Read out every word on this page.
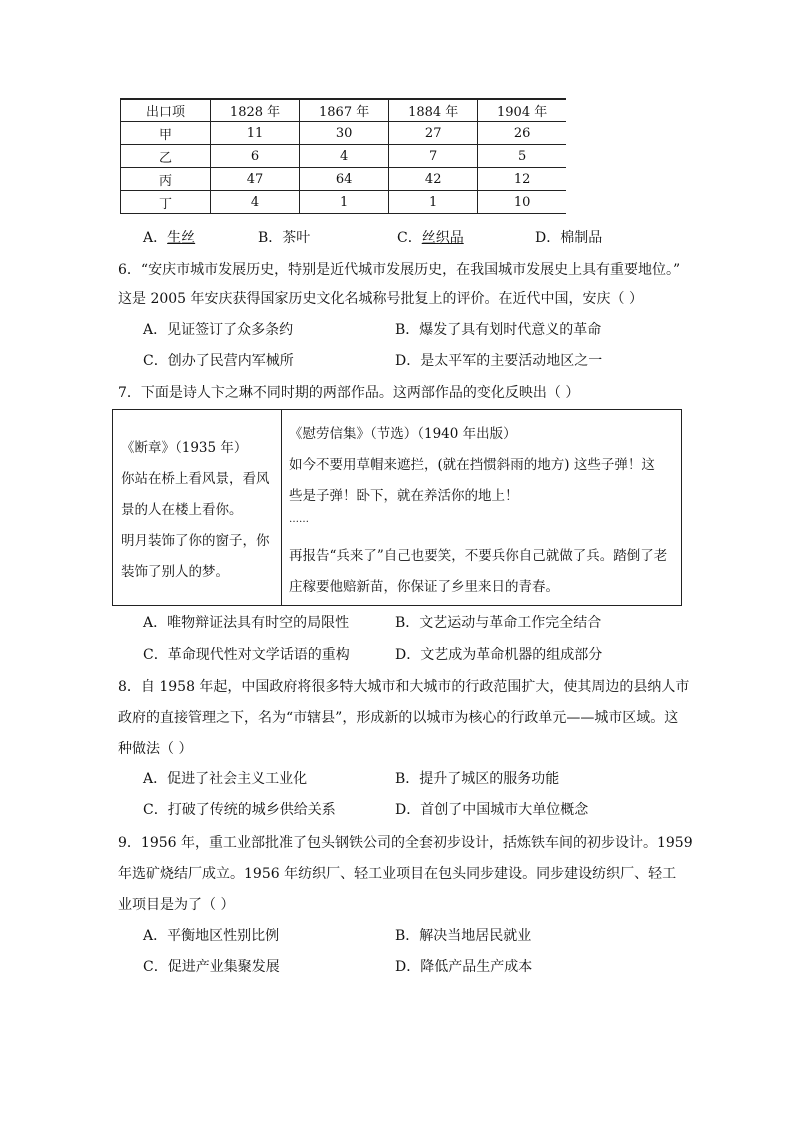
出口项	1828 年	1867 年	1884 年	1904 年
甲	11	30	27	26
乙	6	4	7	5
丙	47	64	42	12
丁	4	1	1	10
A．生丝	B．茶叶	C．丝织品	D．棉制品
6．“安庆市城市发展历史，特别是近代城市发展历史，在我国城市发展史上具有重要地位。”
这是 2005 年安庆获得国家历史文化名城称号批复上的评价。在近代中国，安庆（ ）
A．见证签订了众多条约	B．爆发了具有划时代意义的革命
C．创办了民营内军械所	D．是太平军的主要活动地区之一
7．下面是诗人卞之琳不同时期的两部作品。这两部作品的变化反映出（ ）
《断章》（1935 年）
你站在桥上看风景，看风
景的人在楼上看你。
明月装饰了你的窗子，你
装饰了别人的梦。
《慰劳信集》（节选）（1940 年出版）
如今不要用草帽来遮拦，(就在挡惯斜雨的地方) 这些子弹！这
些是子弹！卧下，就在养活你的地上！
……
再报告“兵来了”自己也要笑，不要兵你自己就做了兵。踏倒了老
庄稼要他赔新苗，你保证了乡里来日的青春。
A．唯物辩证法具有时空的局限性	B．文艺运动与革命工作完全结合
C．革命现代性对文学话语的重构	D．文艺成为革命机器的组成部分
8．自 1958 年起，中国政府将很多特大城市和大城市的行政范围扩大，使其周边的县纳人市
政府的直接管理之下，名为“市辖县”，形成新的以城市为核心的行政单元——城市区域。这
种做法（ ）
A．促进了社会主义工业化	B．提升了城区的服务功能
C．打破了传统的城乡供给关系	D．首创了中国城市大单位概念
9．1956 年，重工业部批准了包头钢铁公司的全套初步设计，括炼铁车间的初步设计。1959
年选矿烧结厂成立。1956 年纺织厂、轻工业项目在包头同步建设。同步建设纺织厂、轻工
业项目是为了（ ）
A．平衡地区性别比例	B．解决当地居民就业
C．促进产业集聚发展	D．降低产品生产成本
